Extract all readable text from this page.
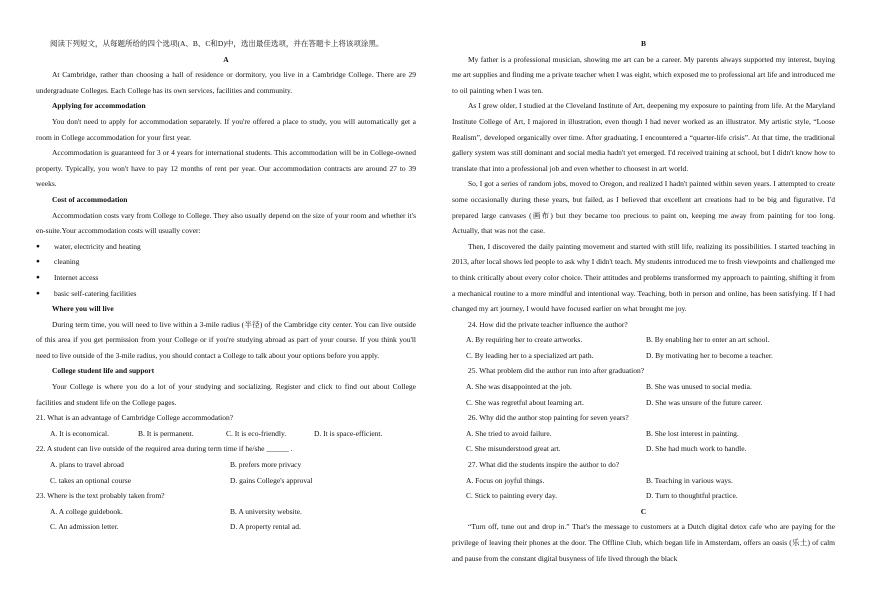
阅读下列短文，从每题所给的四个选项(A、B、C和D)中，选出最佳选项，并在答题卡上将该项涂黑。

A

At Cambridge, rather than choosing a hall of residence or dormitory, you live in a Cambridge College. There are 29 undergraduate Colleges. Each College has its own services, facilities and community.

Applying for accommodation

You don't need to apply for accommodation separately. If you're offered a place to study, you will automatically get a room in College accommodation for your first year.

Accommodation is guaranteed for 3 or 4 years for international students. This accommodation will be in College-owned property. Typically, you won't have to pay 12 months of rent per year. Our accommodation contracts are around 27 to 39 weeks.

Cost of accommodation

Accommodation costs vary from College to College. They also usually depend on the size of your room and whether it's en-suite.Your accommodation costs will usually cover:

● water, electricity and heating
● cleaning
● Internet access
● basic self-catering facilities

Where you will live

During term time, you will need to live within a 3-mile radius (半径) of the Cambridge city center. You can live outside of this area if you get permission from your College or if you're studying abroad as part of your course. If you think you'll need to live outside of the 3-mile radius, you should contact a College to talk about your options before you apply.

College student life and support

Your College is where you do a lot of your studying and socializing. Register and click to find out about College facilities and student life on the College pages.

21. What is an advantage of Cambridge College accommodation?

A. It is economical.	B. It is permanent.	C. It is eco-friendly.	D. It is space-efficient.

22. A student can live outside of the required area during term time if he/she ______ .

A. plans to travel abroad	B. prefers more privacy
C. takes an optional course	D. gains College's approval

23. Where is the text probably taken from?

A. A college guidebook.	B. A university website.
C. An admission letter.	D. A property rental ad.

B

My father is a professional musician, showing me art can be a career. My parents always supported my interest, buying me art supplies and finding me a private teacher when I was eight, which exposed me to professional art life and introduced me to oil painting when I was ten.

As I grew older, I studied at the Cleveland Institute of Art, deepening my exposure to painting from life. At the Maryland Institute College of Art, I majored in illustration, even though I had never worked as an illustrator. My artistic style, “Loose Realism”, developed organically over time. After graduating, I encountered a “quarter-life crisis”. At that time, the traditional gallery system was still dominant and social media hadn't yet emerged. I'd received training at school, but I didn't know how to translate that into a professional job and even whether to choosest in art world.

So, I got a series of random jobs, moved to Oregon, and realized I hadn't painted within seven years. I attempted to create some occasionally during these years, but failed, as I believed that excellent art creations had to be big and figurative. I'd prepared large canvases (画布) but they became too precious to paint on, keeping me away from painting for too long. Actually, that was not the case.

Then, I discovered the daily painting movement and started with still life, realizing its possibilities. I started teaching in 2013, after local shows led people to ask why I didn't teach. My students introduced me to fresh viewpoints and challenged me to think critically about every color choice. Their attitudes and problems transformed my approach to painting, shifting it from a mechanical routine to a more mindful and intentional way. Teaching, both in person and online, has been satisfying. If I had changed my art journey, I would have focused earlier on what brought me joy.

24. How did the private teacher influence the author?

A. By requiring her to create artworks.	B. By enabling her to enter an art school.
C. By leading her to a specialized art path.	D. By motivating her to become a teacher.

25. What problem did the author run into after graduation?

A. She was disappointed at the job.	B. She was unused to social media.
C. She was regretful about learning art.	D. She was unsure of the future career.

26. Why did the author stop painting for seven years?

A. She tried to avoid failure.	B. She lost interest in painting.
C. She misunderstood great art.	D. She had much work to handle.

27. What did the students inspire the author to do?

A. Focus on joyful things.	B. Teaching in various ways.
C. Stick to painting every day.	D. Turn to thoughtful practice.

C

“Turn off, tune out and drop in.” That's the message to customers at a Dutch digital detox cafe who are paying for the privilege of leaving their phones at the door. The Offline Club, which began life in Amsterdam, offers an oasis (乐土) of calm and pause from the constant digital busyness of life lived through the black
